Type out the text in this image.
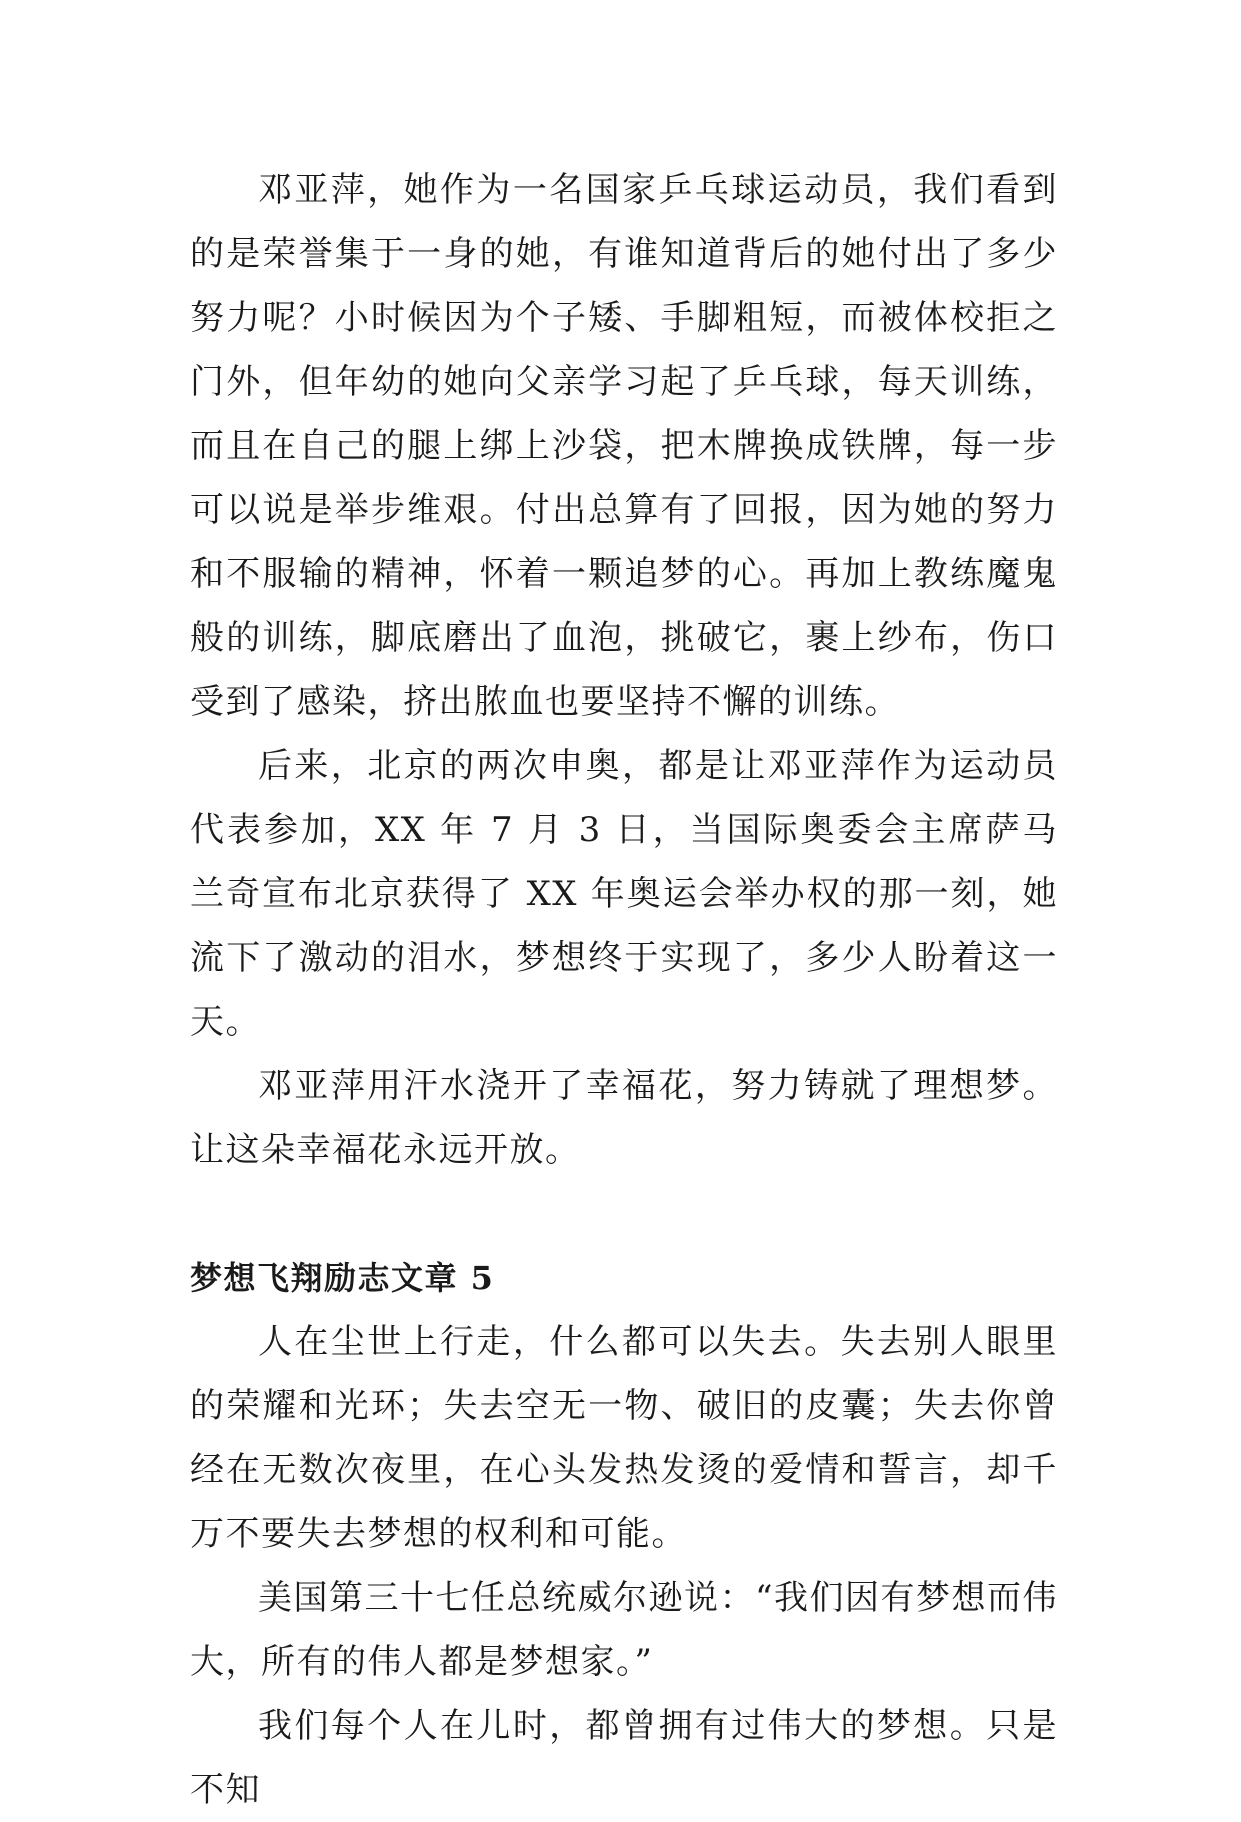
邓亚萍，她作为一名国家乒乓球运动员，我们看到的是荣誉集于一身的她，有谁知道背后的她付出了多少努力呢？小时候因为个子矮、手脚粗短，而被体校拒之门外，但年幼的她向父亲学习起了乒乓球，每天训练，而且在自己的腿上绑上沙袋，把木牌换成铁牌，每一步可以说是举步维艰。付出总算有了回报，因为她的努力和不服输的精神，怀着一颗追梦的心。再加上教练魔鬼般的训练，脚底磨出了血泡，挑破它，裹上纱布，伤口受到了感染，挤出脓血也要坚持不懈的训练。

后来，北京的两次申奥，都是让邓亚萍作为运动员代表参加，XX 年 7 月 3 日，当国际奥委会主席萨马兰奇宣布北京获得了 XX 年奥运会举办权的那一刻，她流下了激动的泪水，梦想终于实现了，多少人盼着这一天。

邓亚萍用汗水浇开了幸福花，努力铸就了理想梦。让这朵幸福花永远开放。

梦想飞翔励志文章 5

人在尘世上行走，什么都可以失去。失去别人眼里的荣耀和光环；失去空无一物、破旧的皮囊；失去你曾经在无数次夜里，在心头发热发烫的爱情和誓言，却千万不要失去梦想的权利和可能。

美国第三十七任总统威尔逊说：“我们因有梦想而伟大，所有的伟人都是梦想家。”

我们每个人在儿时，都曾拥有过伟大的梦想。只是不知
